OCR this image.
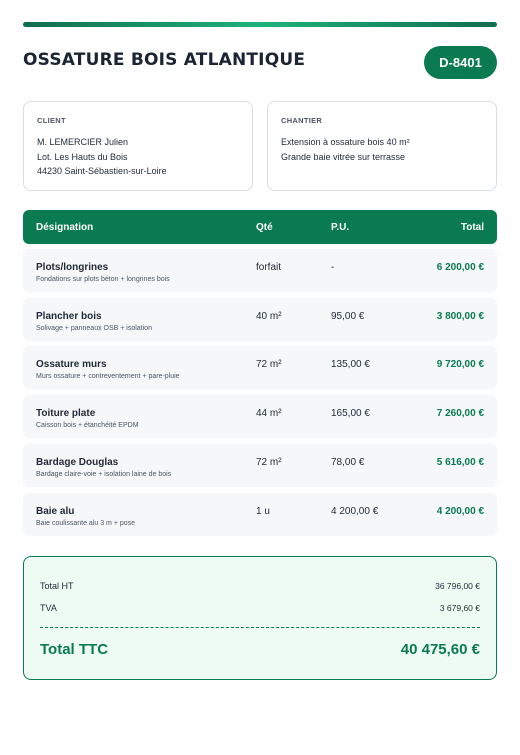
OSSATURE BOIS ATLANTIQUE	D-8401
CLIENT
M. LEMERCIER Julien
Lot. Les Hauts du Bois
44230 Saint-Sébastien-sur-Loire
CHANTIER
Extension à ossature bois 40 m²
Grande baie vitrée sur terrasse
Désignation	Qté	P.U.	Total
Plots/longrines
Fondations sur plots béton + longrines bois
forfait	-	6 200,00 €
Plancher bois
Solivage + panneaux OSB + isolation
40 m²	95,00 €	3 800,00 €
Ossature murs
Murs ossature + contreventement + pare-pluie
72 m²	135,00 €	9 720,00 €
Toiture plate
Caisson bois + étanchéité EPDM
44 m²	165,00 €	7 260,00 €
Bardage Douglas
Bardage claire-voie + isolation laine de bois
72 m²	78,00 €	5 616,00 €
Baie alu
Baie coulissante alu 3 m + pose
1 u	4 200,00 €	4 200,00 €
Total HT	36 796,00 €
TVA	3 679,60 €
Total TTC	40 475,60 €
